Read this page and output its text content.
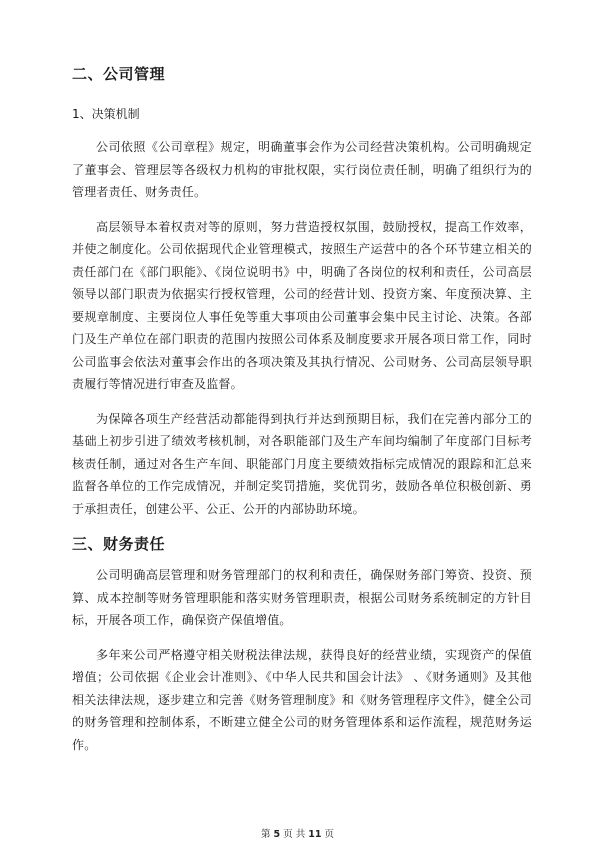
二、公司管理

1、决策机制

公司依照《公司章程》规定，明确董事会作为公司经营决策机构。公司明确规定了董事会、管理层等各级权力机构的审批权限，实行岗位责任制，明确了组织行为的管理者责任、财务责任。

高层领导本着权责对等的原则，努力营造授权氛围，鼓励授权，提高工作效率，并使之制度化。公司依据现代企业管理模式，按照生产运营中的各个环节建立相关的责任部门在《部门职能》、《岗位说明书》中，明确了各岗位的权利和责任，公司高层领导以部门职责为依据实行授权管理，公司的经营计划、投资方案、年度预决算、主要规章制度、主要岗位人事任免等重大事项由公司董事会集中民主讨论、决策。各部门及生产单位在部门职责的范围内按照公司体系及制度要求开展各项日常工作，同时公司监事会依法对董事会作出的各项决策及其执行情况、公司财务、公司高层领导职责履行等情况进行审查及监督。

为保障各项生产经营活动都能得到执行并达到预期目标，我们在完善内部分工的基础上初步引进了绩效考核机制，对各职能部门及生产车间均编制了年度部门目标考核责任制，通过对各生产车间、职能部门月度主要绩效指标完成情况的跟踪和汇总来监督各单位的工作完成情况，并制定奖罚措施，奖优罚劣，鼓励各单位积极创新、勇于承担责任，创建公平、公正、公开的内部协助环境。

三、财务责任

公司明确高层管理和财务管理部门的权利和责任，确保财务部门筹资、投资、预算、成本控制等财务管理职能和落实财务管理职责，根据公司财务系统制定的方针目标，开展各项工作，确保资产保值增值。

多年来公司严格遵守相关财税法律法规，获得良好的经营业绩，实现资产的保值增值；公司依据《企业会计准则》、《中华人民共和国会计法》 、《财务通则》及其他相关法律法规，逐步建立和完善《财务管理制度》和《财务管理程序文件》，健全公司的财务管理和控制体系，不断建立健全公司的财务管理体系和运作流程，规范财务运作。

第 5 页 共 11 页
